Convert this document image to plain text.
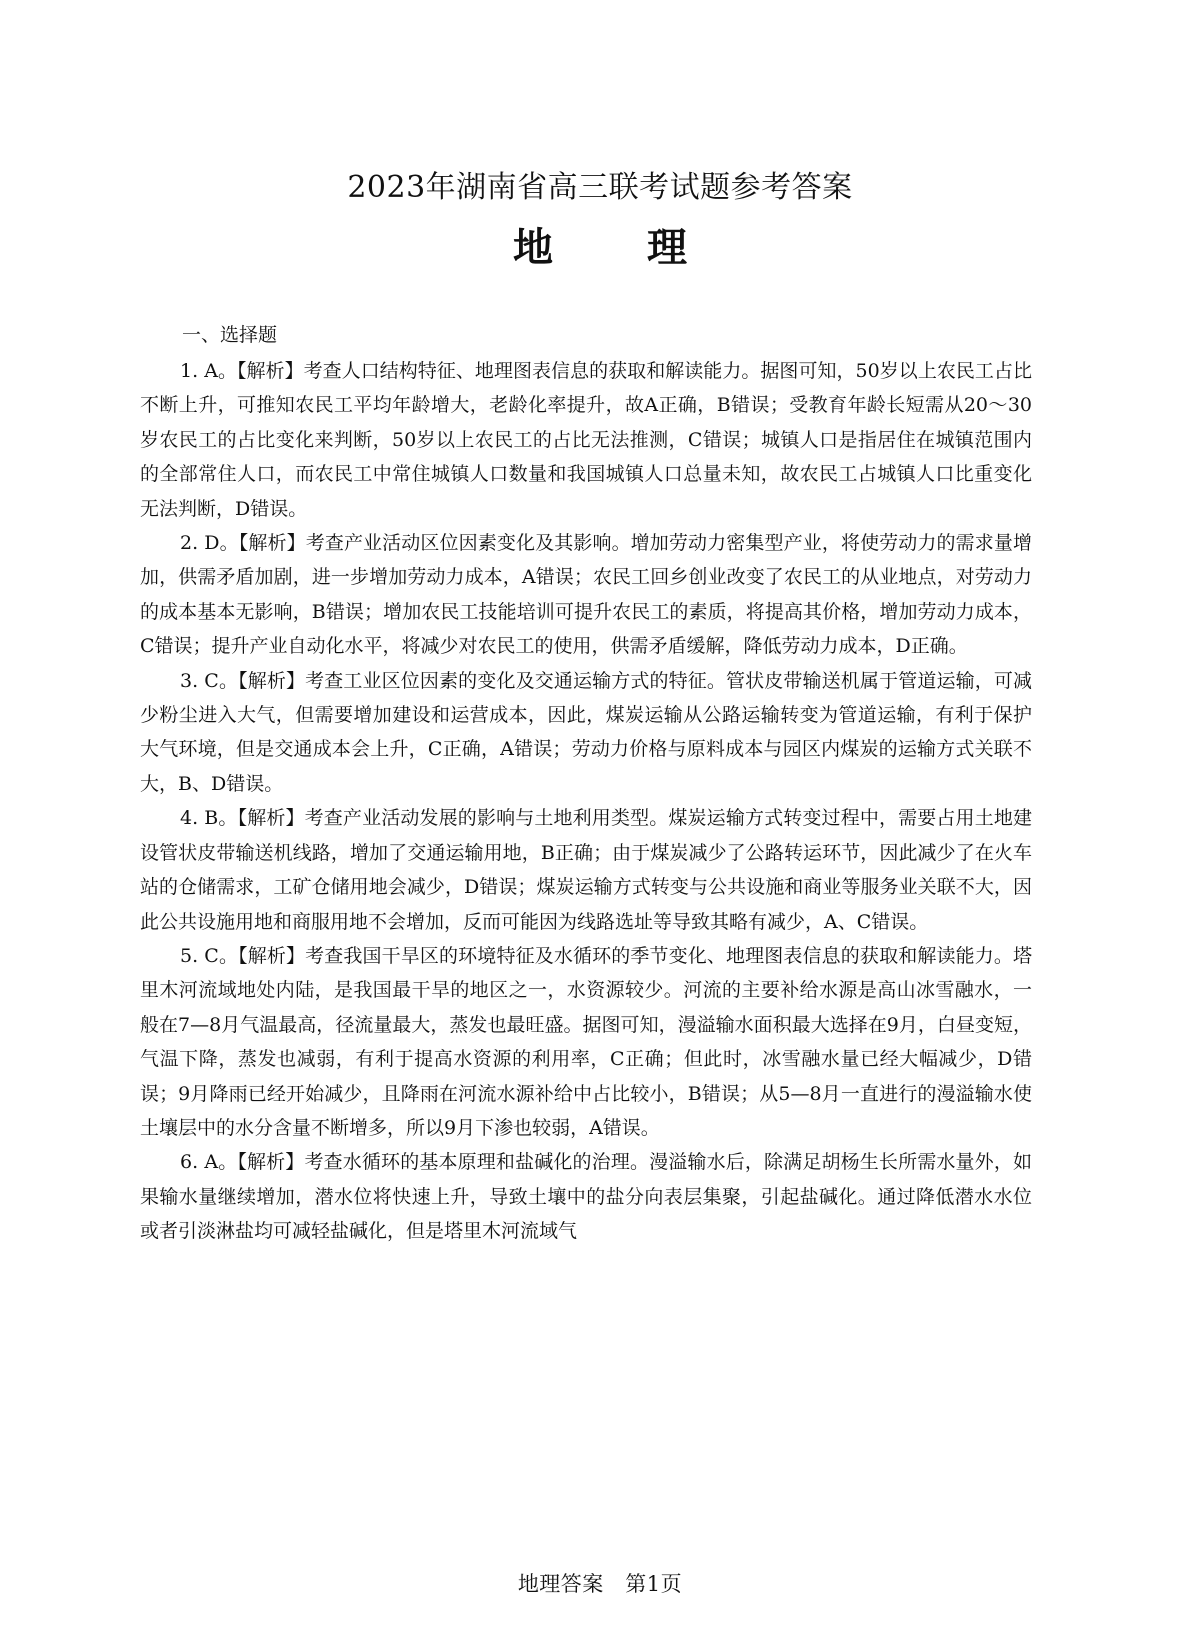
2023年湖南省高三联考试题参考答案
地 理

一、选择题

1. A。【解析】考查人口结构特征、地理图表信息的获取和解读能力。据图可知，50岁以上农民工占比不断上升，可推知农民工平均年龄增大，老龄化率提升，故A正确，B错误；受教育年龄长短需从20～30岁农民工的占比变化来判断，50岁以上农民工的占比无法推测，C错误；城镇人口是指居住在城镇范围内的全部常住人口，而农民工中常住城镇人口数量和我国城镇人口总量未知，故农民工占城镇人口比重变化无法判断，D错误。

2. D。【解析】考查产业活动区位因素变化及其影响。增加劳动力密集型产业，将使劳动力的需求量增加，供需矛盾加剧，进一步增加劳动力成本，A错误；农民工回乡创业改变了农民工的从业地点，对劳动力的成本基本无影响，B错误；增加农民工技能培训可提升农民工的素质，将提高其价格，增加劳动力成本，C错误；提升产业自动化水平，将减少对农民工的使用，供需矛盾缓解，降低劳动力成本，D正确。

3. C。【解析】考查工业区位因素的变化及交通运输方式的特征。管状皮带输送机属于管道运输，可减少粉尘进入大气，但需要增加建设和运营成本，因此，煤炭运输从公路运输转变为管道运输，有利于保护大气环境，但是交通成本会上升，C正确，A错误；劳动力价格与原料成本与园区内煤炭的运输方式关联不大，B、D错误。

4. B。【解析】考查产业活动发展的影响与土地利用类型。煤炭运输方式转变过程中，需要占用土地建设管状皮带输送机线路，增加了交通运输用地，B正确；由于煤炭减少了公路转运环节，因此减少了在火车站的仓储需求，工矿仓储用地会减少，D错误；煤炭运输方式转变与公共设施和商业等服务业关联不大，因此公共设施用地和商服用地不会增加，反而可能因为线路选址等导致其略有减少，A、C错误。

5. C。【解析】考查我国干旱区的环境特征及水循环的季节变化、地理图表信息的获取和解读能力。塔里木河流域地处内陆，是我国最干旱的地区之一，水资源较少。河流的主要补给水源是高山冰雪融水，一般在7—8月气温最高，径流量最大，蒸发也最旺盛。据图可知，漫溢输水面积最大选择在9月，白昼变短，气温下降，蒸发也减弱，有利于提高水资源的利用率，C正确；但此时，冰雪融水量已经大幅减少，D错误；9月降雨已经开始减少，且降雨在河流水源补给中占比较小，B错误；从5—8月一直进行的漫溢输水使土壤层中的水分含量不断增多，所以9月下渗也较弱，A错误。

6. A。【解析】考查水循环的基本原理和盐碱化的治理。漫溢输水后，除满足胡杨生长所需水量外，如果输水量继续增加，潜水位将快速上升，导致土壤中的盐分向表层集聚，引起盐碱化。通过降低潜水水位或者引淡淋盐均可减轻盐碱化，但是塔里木河流域气

地理答案　第1页
